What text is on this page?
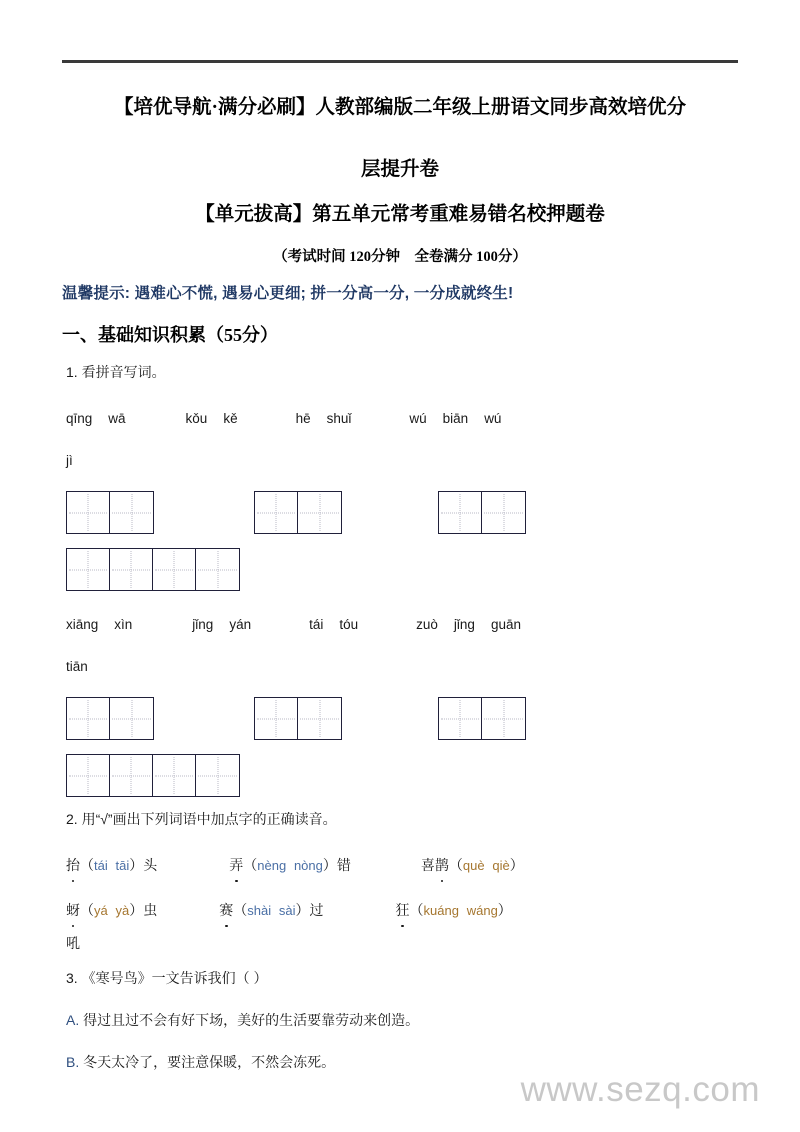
【培优导航·满分必刷】人教部编版二年级上册语文同步高效培优分
层提升卷
【单元拔高】第五单元常考重难易错名校押题卷
（考试时间 120分钟　全卷满分 100分）
温馨提示: 遇难心不慌, 遇易心更细; 拼一分高一分, 一分成就终生!
一、基础知识积累（55分）
1. 看拼音写词。
qīng wā	kǒu kě	hē shuǐ	wú biān wú
jì
xiāng xìn	jǐng yán	tái tóu	zuò jǐng guān
tiān
2. 用“√”画出下列词语中加点字的正确读音。
抬（tái tāi）头	弄（nèng nòng）错	喜鹊（què qiè）
蚜（yá yà）虫	赛（shài sài）过	狂（kuáng wáng）
吼
3. 《寒号鸟》一文告诉我们（ ）
A. 得过且过不会有好下场，美好的生活要靠劳动来创造。
B. 冬天太冷了，要注意保暖，不然会冻死。
www.sezq.com
